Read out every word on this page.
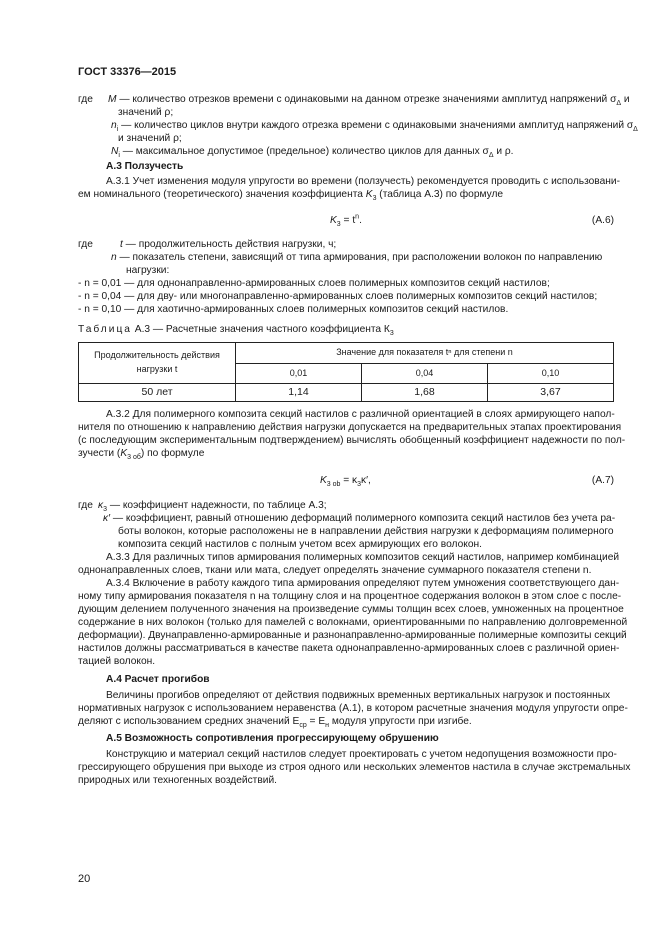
ГОСТ 33376—2015
где M — количество отрезков времени с одинаковыми на данном отрезке значениями амплитуд напряжений $\sigma_\Delta$ и
значений ρ;
$n_i$ — количество циклов внутри каждого отрезка времени с одинаковыми значениями амплитуд напряжений $\sigma_\Delta$
и значений ρ;
$N_i$ — максимальное допустимое (предельное) количество циклов для данных $\sigma_\Delta$ и ρ.
А.3 Ползучесть
А.3.1 Учет изменения модуля упругости во времени (ползучесть) рекомендуется проводить с использовани-
ем номинального (теоретического) значения коэффициента $K_3$ (таблица А.3) по формуле
$K_3 = t^n$.	(А.6)
где	t — продолжительность действия нагрузки, ч;
n — показатель степени, зависящий от типа армирования, при расположении волокон по направлению
нагрузки:
- n = 0,01 — для однонаправленно-армированных слоев полимерных композитов секций настилов;
- n = 0,04 — для дву- или многонаправленно-армированных слоев полимерных композитов секций настилов;
- n = 0,10 — для хаотично-армированных слоев полимерных композитов секций настилов.
Таблица А.3 — Расчетные значения частного коэффициента $К_3$
Продолжительность действия
нагрузки t	Значение для показателя tⁿ для степени n		
	0,01	0,04	0,10
50 лет	1,14	1,68	3,67
А.3.2 Для полимерного композита секций настилов с различной ориентацией в слоях армирующего напол-
нителя по отношению к направлению действия нагрузки допускается на предварительных этапах проектирования
(с последующим экспериментальным подтверждением) вычислять обобщенный коэффициент надежности по пол-
зучести $(K_{3 об})$ по формуле
$K_{3 ob} = \kappa_3\kappa'$,	(А.7)
где $\kappa_3$ — коэффициент надежности, по таблице А.3;
κ′ — коэффициент, равный отношению деформаций полимерного композита секций настилов без учета ра-
боты волокон, которые расположены не в направлении действия нагрузки к деформациям полимерного
композита секций настилов с полным учетом всех армирующих его волокон.
А.3.3 Для различных типов армирования полимерных композитов секций настилов, например комбинацией
однонаправленных слоев, ткани или мата, следует определять значение суммарного показателя степени n.
А.3.4 Включение в работу каждого типа армирования определяют путем умножения соответствующего дан-
ному типу армирования показателя n на толщину слоя и на процентное содержания волокон в этом слое с после-
дующим делением полученного значения на произведение суммы толщин всех слоев, умноженных на процентное
содержание в них волокон (только для памелей с волокнами, ориентированными по направлению долговременной
деформации). Двунаправленно-армированные и разнонаправленно-армированные полимерные композиты секций
настилов должны рассматриваться в качестве пакета однонаправленно-армированных слоев с различной ориен-
тацией волокон.
А.4 Расчет прогибов
Величины прогибов определяют от действия подвижных временных вертикальных нагрузок и постоянных
нормативных нагрузок с использованием неравенства (А.1), в котором расчетные значения модуля упругости опре-
деляют с использованием средних значений $E_{ср} = E_н$ модуля упругости при изгибе.
А.5 Возможность сопротивления прогрессирующему обрушению
Конструкцию и материал секций настилов следует проектировать с учетом недопущения возможности про-
грессирующего обрушения при выходе из строя одного или нескольких элементов настила в случае экстремальных
природных или техногенных воздействий.
20
